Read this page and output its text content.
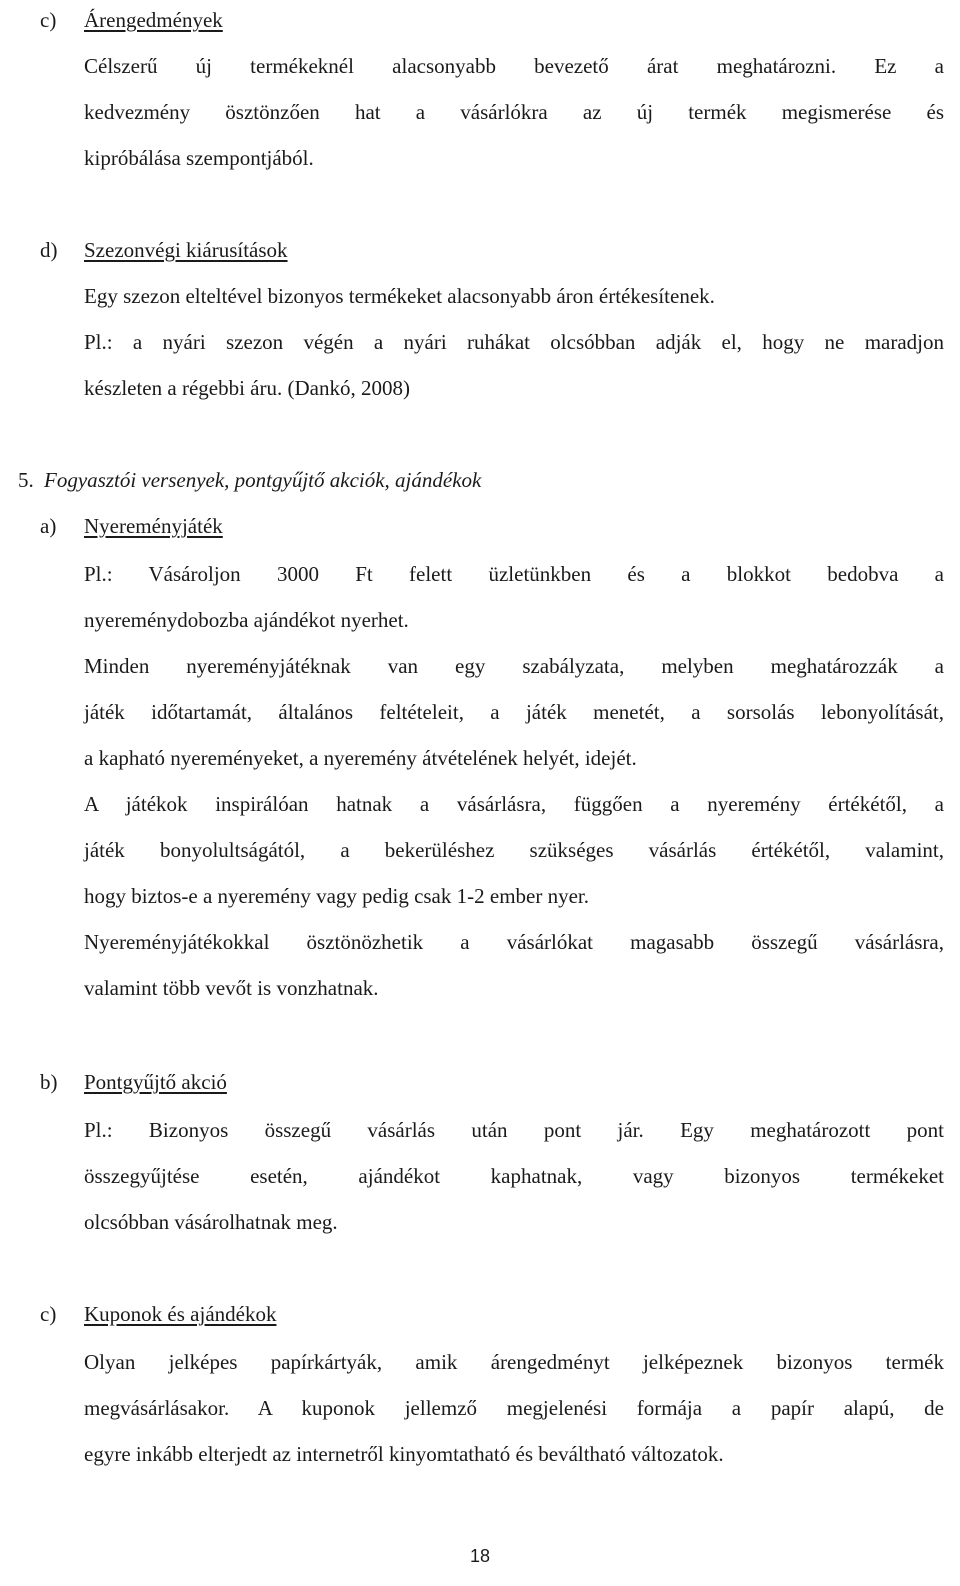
c) Árengedmények
Célszerű új termékeknél alacsonyabb bevezető árat meghatározni. Ez a
kedvezmény ösztönzően hat a vásárlókra az új termék megismerése és
kipróbálása szempontjából.
d) Szezonvégi kiárusítások
Egy szezon elteltével bizonyos termékeket alacsonyabb áron értékesítenek.
Pl.: a nyári szezon végén a nyári ruhákat olcsóbban adják el, hogy ne maradjon
készleten a régebbi áru. (Dankó, 2008)
5. Fogyasztói versenyek, pontgyűjtő akciók, ajándékok
a) Nyereményjáték
Pl.: Vásároljon 3000 Ft felett üzletünkben és a blokkot bedobva a
nyereménydobozba ajándékot nyerhet.
Minden nyereményjátéknak van egy szabályzata, melyben meghatározzák a
játék időtartamát, általános feltételeit, a játék menetét, a sorsolás lebonyolítását,
a kapható nyereményeket, a nyeremény átvételének helyét, idejét.
A játékok inspirálóan hatnak a vásárlásra, függően a nyeremény értékétől, a
játék bonyolultságától, a bekerüléshez szükséges vásárlás értékétől, valamint,
hogy biztos-e a nyeremény vagy pedig csak 1-2 ember nyer.
Nyereményjátékokkal ösztönözhetik a vásárlókat magasabb összegű vásárlásra,
valamint több vevőt is vonzhatnak.
b) Pontgyűjtő akció
Pl.: Bizonyos összegű vásárlás után pont jár. Egy meghatározott pont
összegyűjtése esetén, ajándékot kaphatnak, vagy bizonyos termékeket
olcsóbban vásárolhatnak meg.
c) Kuponok és ajándékok
Olyan jelképes papírkártyák, amik árengedményt jelképeznek bizonyos termék
megvásárlásakor. A kuponok jellemző megjelenési formája a papír alapú, de
egyre inkább elterjedt az internetről kinyomtatható és beváltható változatok.
18
